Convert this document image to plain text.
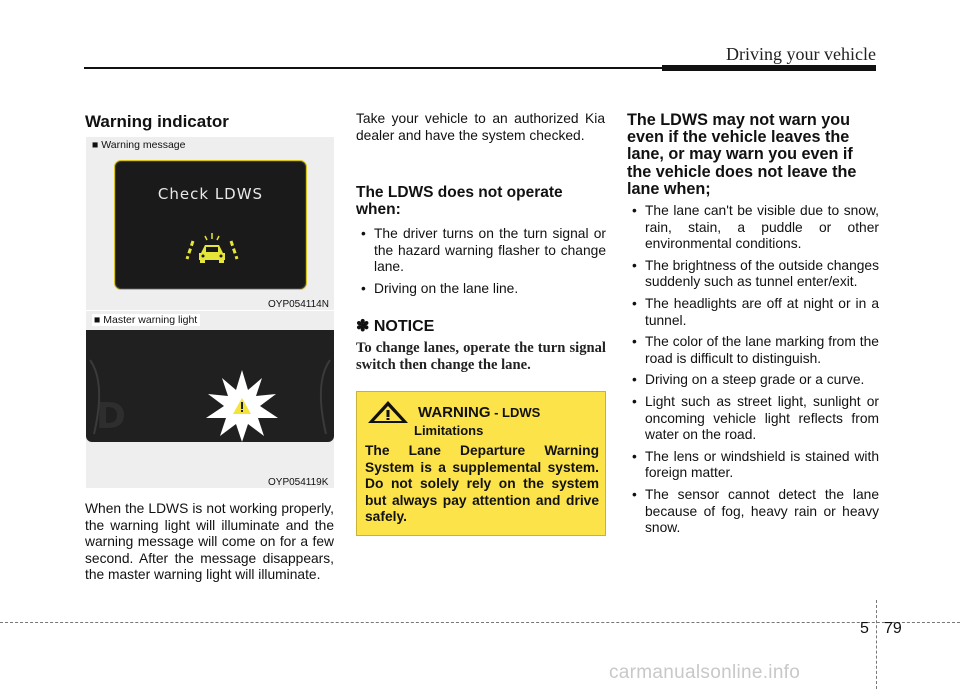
Driving your vehicle
Warning indicator
■ Warning message
Check LDWS
OYP054114N
D
■ Master warning light
OYP054119K
When the LDWS is not working properly, the warning light will illuminate and the warning message will come on for a few second. After the message disappears, the master warning light will illuminate.
Take your vehicle to an authorized Kia dealer and have the system checked.
The LDWS does not operate when:
• The driver turns on the turn signal or the hazard warning flasher to change lane.
• Driving on the lane line.
✽ NOTICE
To change lanes, operate the turn signal switch then change the lane.
WARNING - LDWS
Limitations
The Lane Departure Warning System is a supplemental system. Do not solely rely on the system but always pay attention and drive safely.
The LDWS may not warn you even if the vehicle leaves the lane, or may warn you even if the vehicle does not leave the lane when;
• The lane can't be visible due to snow, rain, stain, a puddle or other environmental conditions.
• The brightness of the outside changes suddenly such as tunnel enter/exit.
• The headlights are off at night or in a tunnel.
• The color of the lane marking from the road is difficult to distinguish.
• Driving on a steep grade or a curve.
• Light such as street light, sunlight or oncoming vehicle light reflects from water on the road.
• The lens or windshield is stained with foreign matter.
• The sensor cannot detect the lane because of fog, heavy rain or heavy snow.
5 79
carmanualsonline.info
